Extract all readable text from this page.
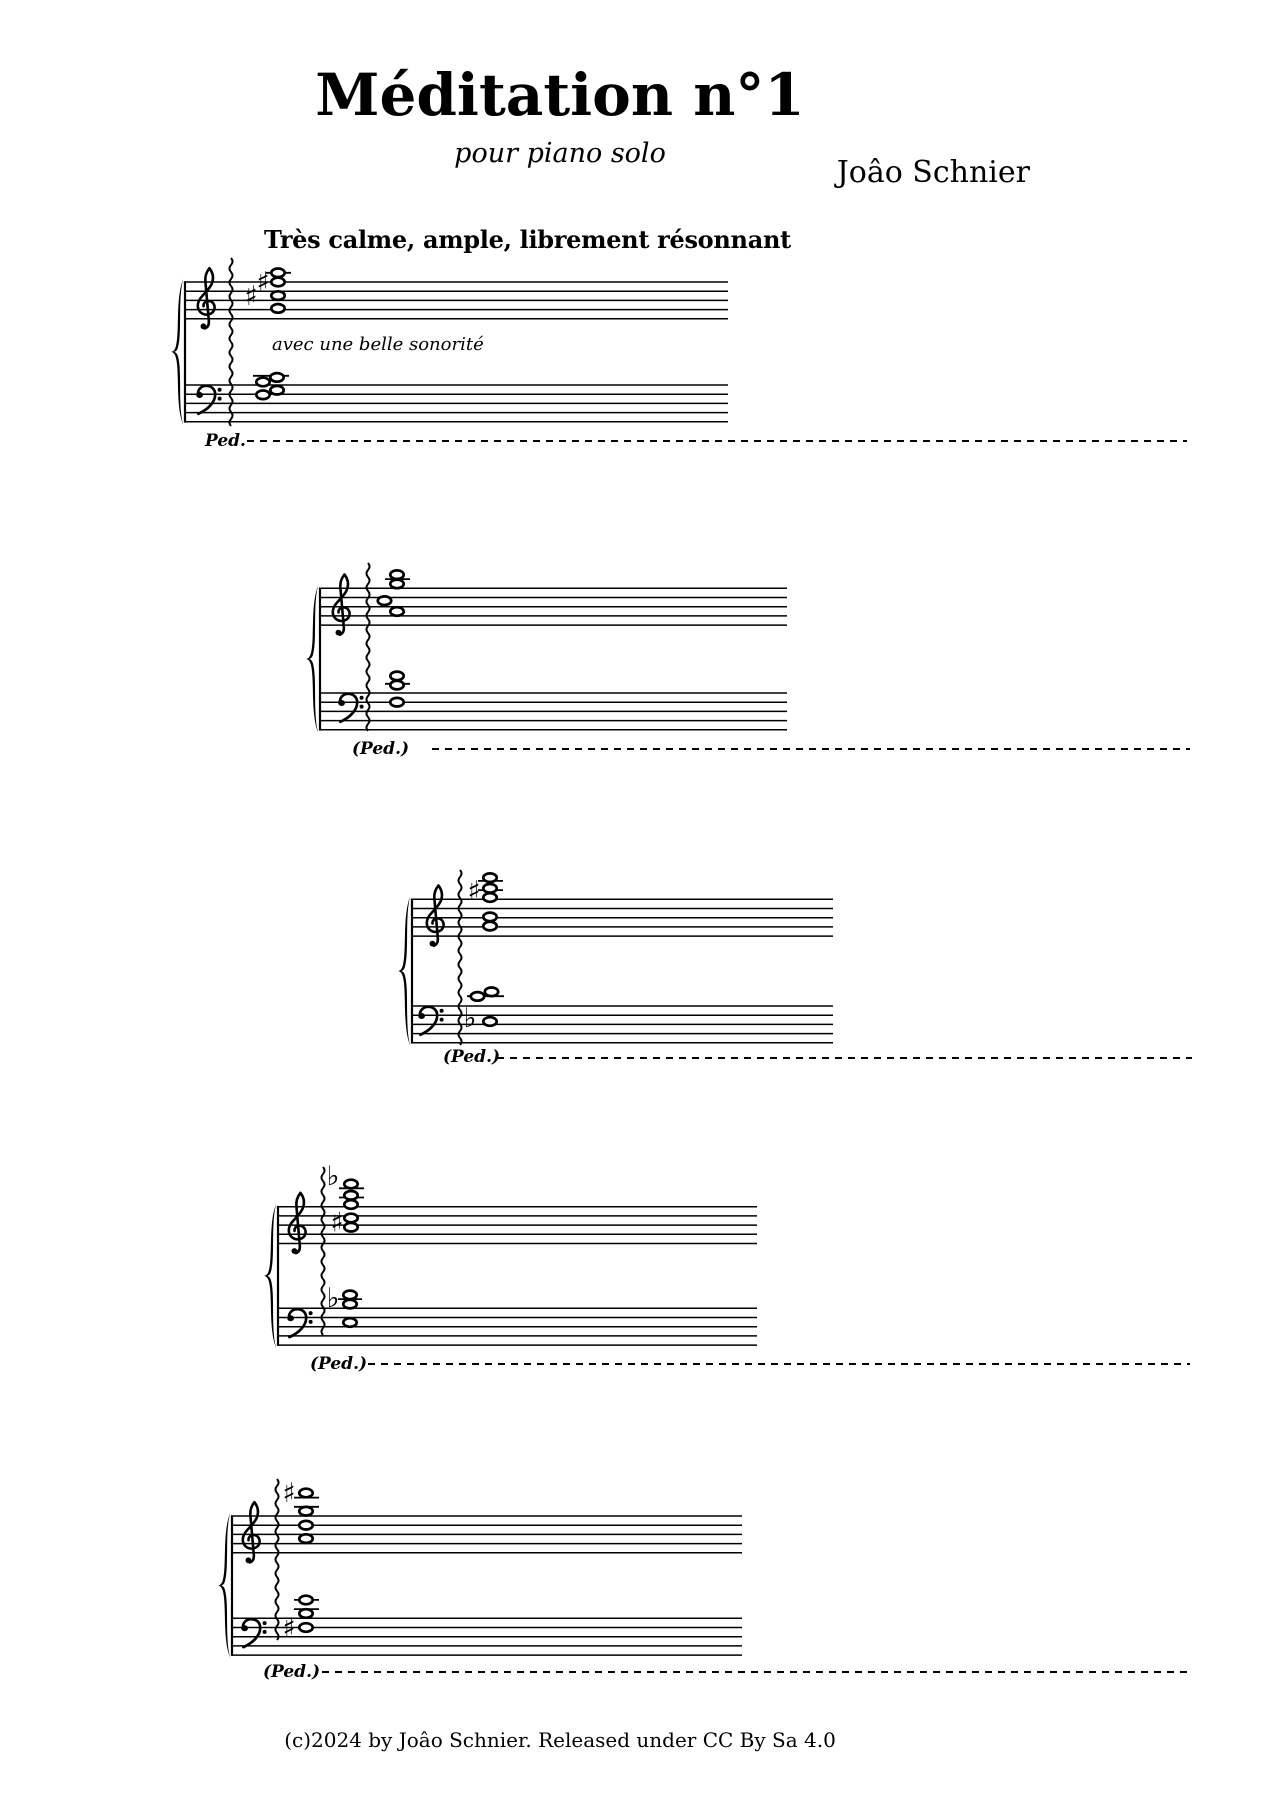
♯
♯
Ped.
(Ped.)
♯
♭
(Ped.)
♭
♯
♭
(Ped.)
♯
♯
(Ped.)
Méditation n°1
pour piano solo
Joâo Schnier
Très calme, ample, librement résonnant
avec une belle sonorité
(c)2024 by Joâo Schnier. Released under CC By Sa 4.0
